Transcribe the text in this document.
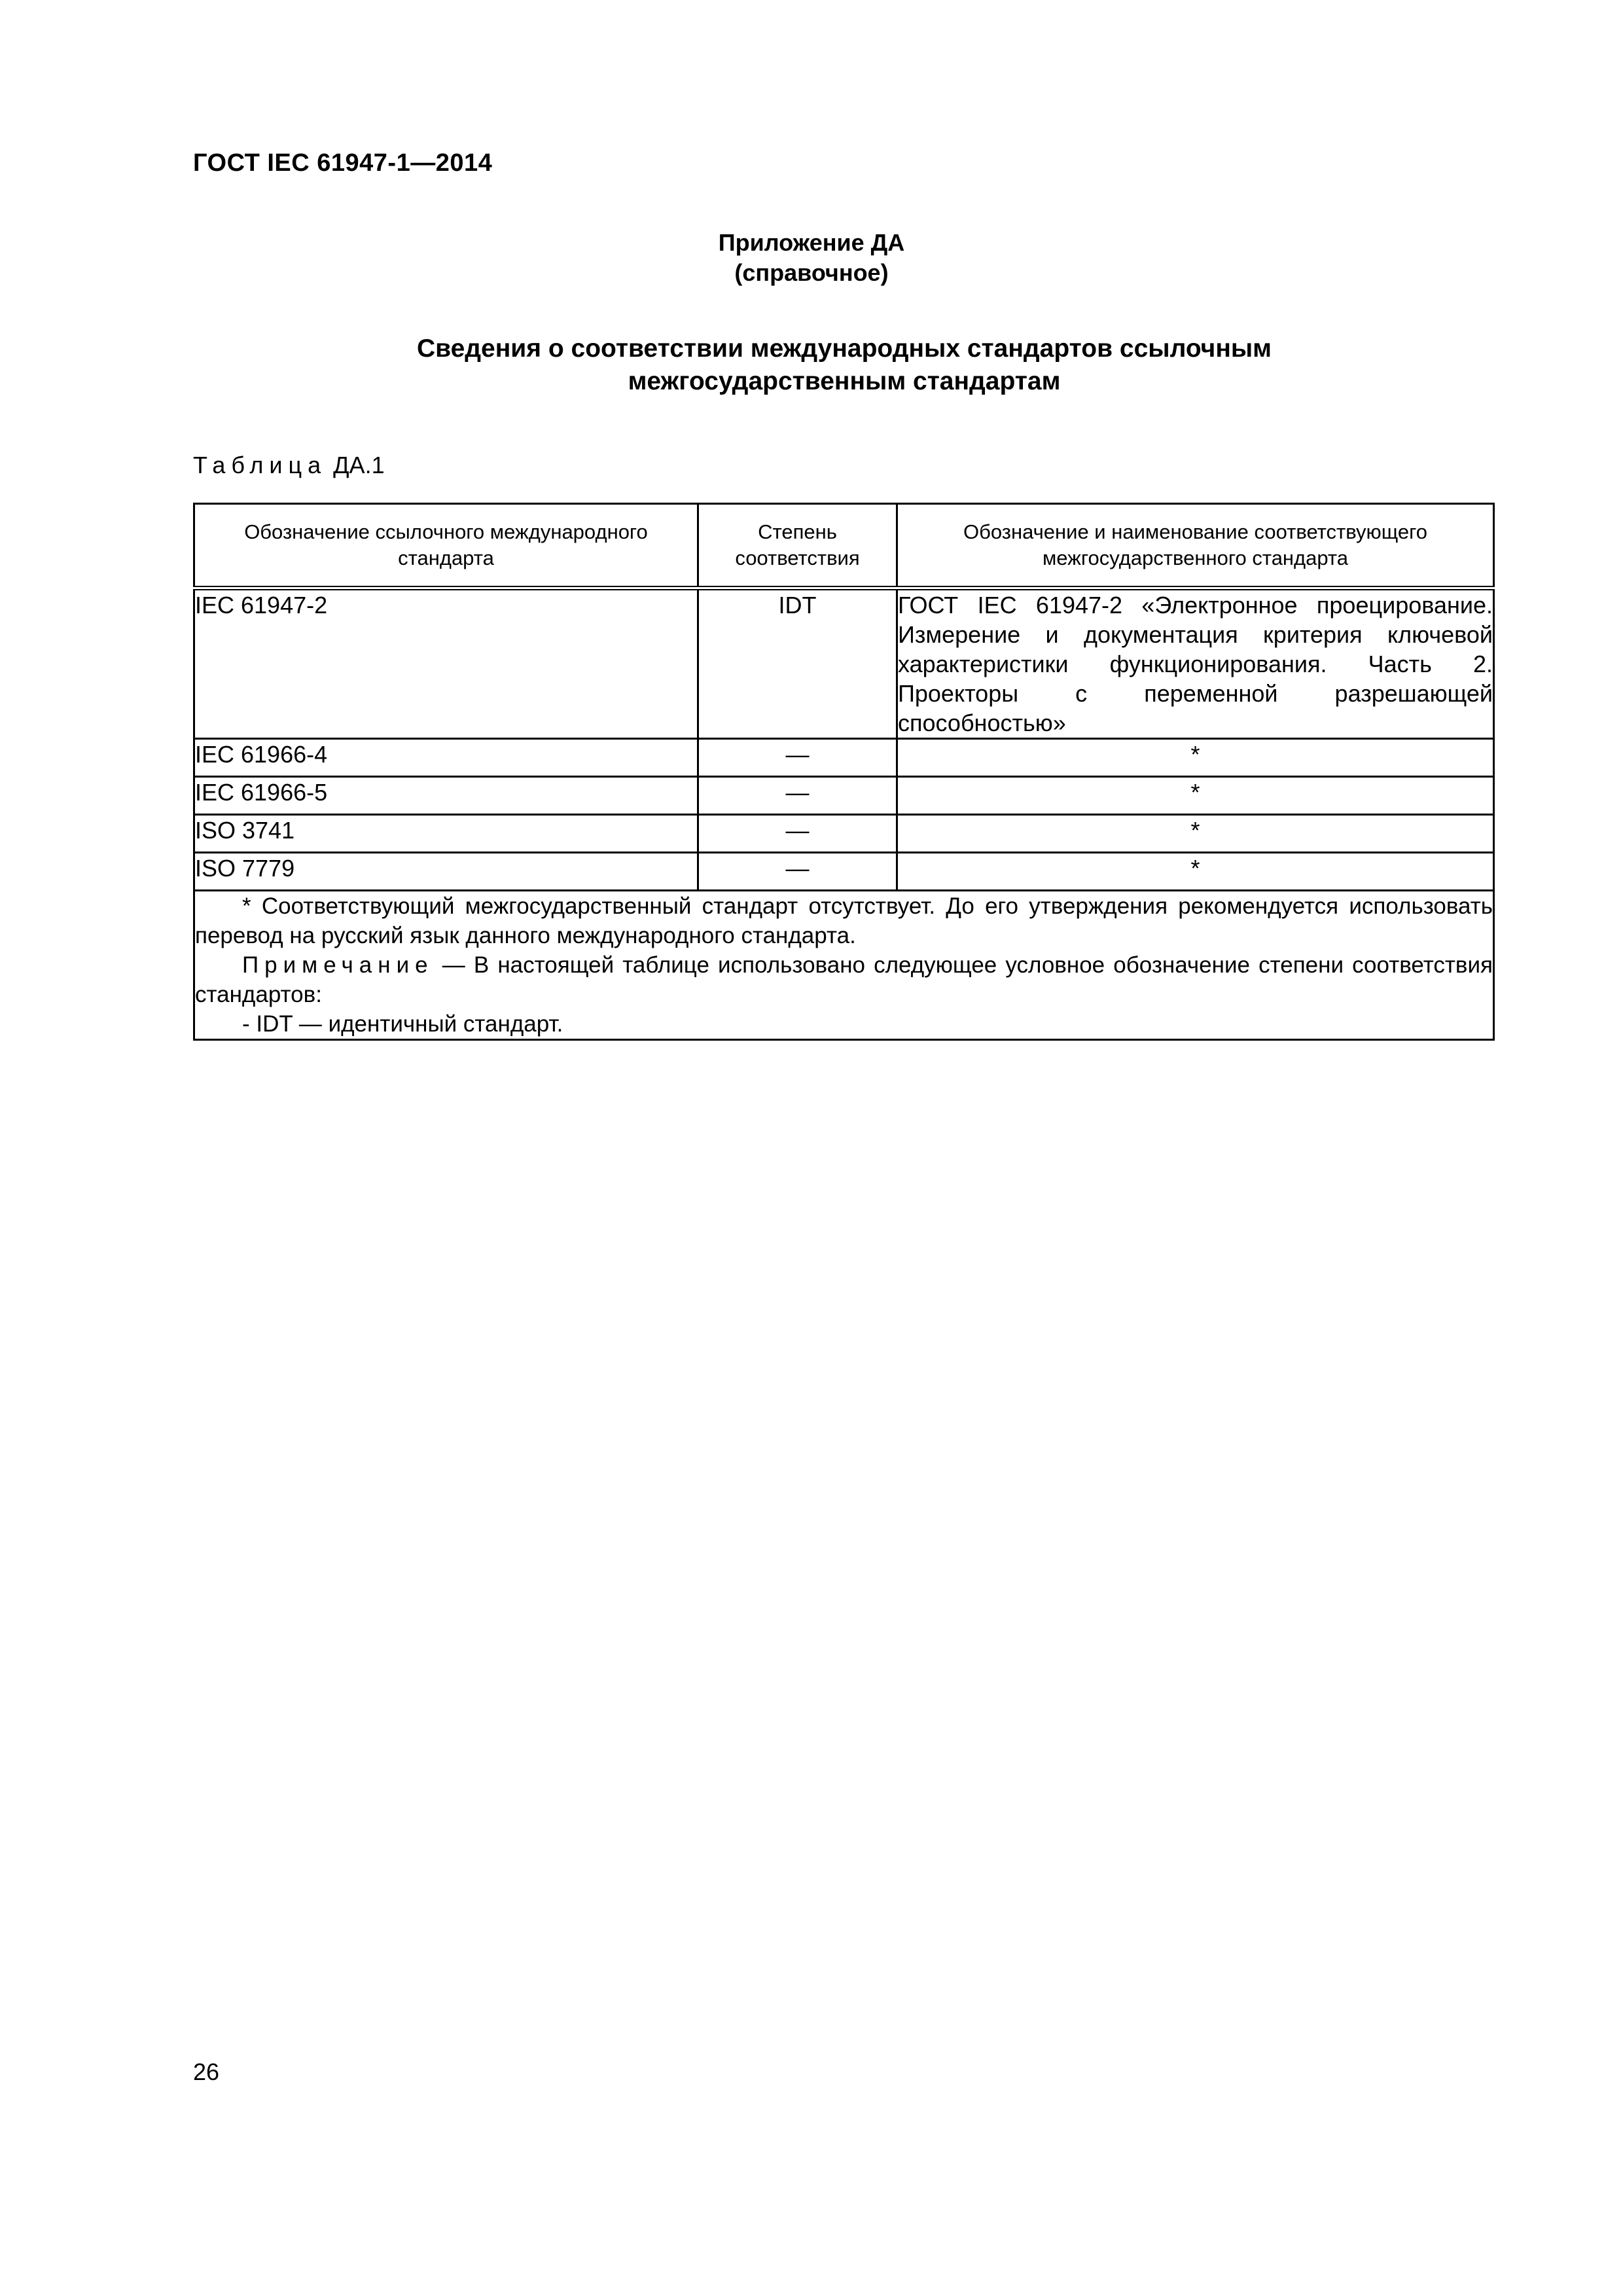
ГОСТ IEC 61947-1—2014
Приложение ДА
(справочное)
Сведения о соответствии международных стандартов ссылочным
межгосударственным стандартам
Таблица ДА.1
Обозначение ссылочного международного стандарта	Степень соответствия	Обозначение и наименование соответствующего межгосударственного стандарта
IEC 61947-2	IDT	ГОСТ IEC 61947-2 «Электронное проецирование. Измерение и документация критерия ключевой характеристики функционирования. Часть 2. Проекторы с переменной разрешающей способностью»
IEC 61966-4	—	*
IEC 61966-5	—	*
ISO 3741	—	*
ISO 7779	—	*

* Соответствующий межгосударственный стандарт отсутствует. До его утверждения рекомендуется использовать перевод на русский язык данного международного стандарта.

Примечание — В настоящей таблице использовано следующее условное обозначение степени соответствия стандартов:

- IDT — идентичный стандарт.		

26
